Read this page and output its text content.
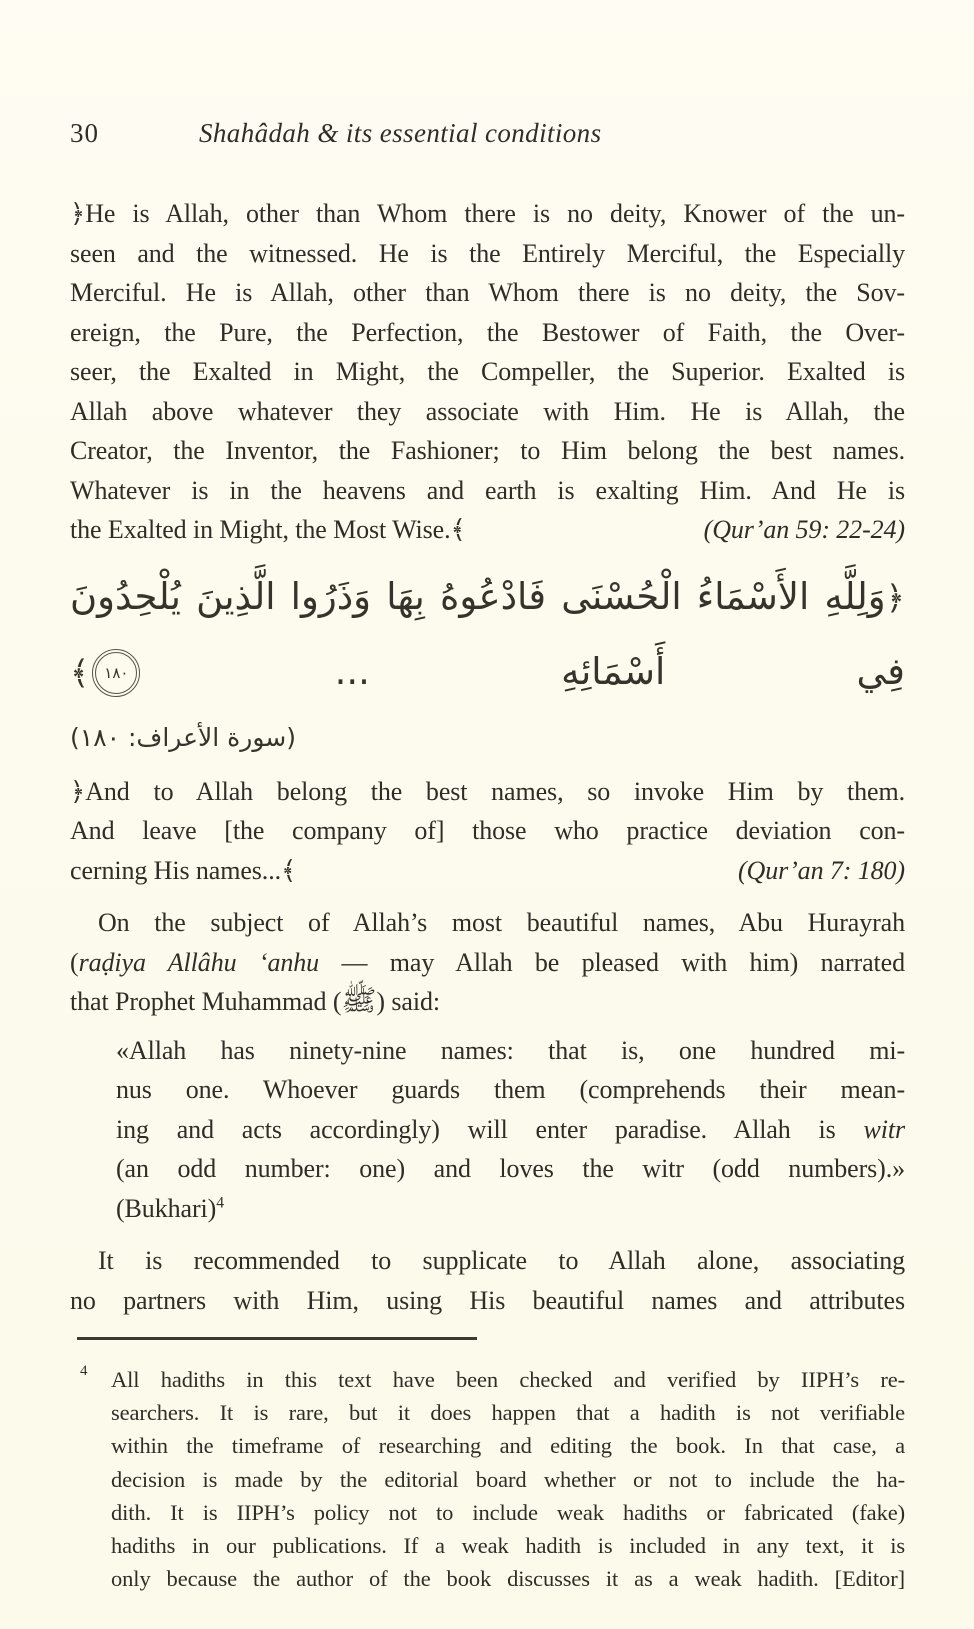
30	Shahâdah & its essential conditions
﴿He is Allah, other than Whom there is no deity, Knower of the un-
seen and the witnessed. He is the Entirely Merciful, the Especially
Merciful. He is Allah, other than Whom there is no deity, the Sov-
ereign, the Pure, the Perfection, the Bestower of Faith, the Over-
seer, the Exalted in Might, the Compeller, the Superior. Exalted is
Allah above whatever they associate with Him. He is Allah, the
Creator, the Inventor, the Fashioner; to Him belong the best names.
Whatever is in the heavens and earth is exalting Him. And He is
the Exalted in Might, the Most Wise.﴾	(Qur’an 59: 22-24)
﴿وَلِلَّهِ الأَسْمَاءُ الْحُسْنَى فَادْعُوهُ بِهَا وَذَرُوا الَّذِينَ يُلْحِدُونَ فِي أَسْمَائِهِ ... ١٨٠﴾
(سورة الأعراف: ١٨٠)
﴿And to Allah belong the best names, so invoke Him by them.
And leave [the company of] those who practice deviation con-
cerning His names...﴾	(Qur’an 7: 180)
On the subject of Allah’s most beautiful names, Abu Hurayrah
(raḍiya Allâhu ‘anhu — may Allah be pleased with him) narrated
that Prophet Muhammad (ﷺ) said:
«Allah has ninety-nine names: that is, one hundred mi-
nus one. Whoever guards them (comprehends their mean-
ing and acts accordingly) will enter paradise. Allah is witr
(an odd number: one) and loves the witr (odd numbers).»
(Bukhari)$^4$
It is recommended to supplicate to Allah alone, associating
no partners with Him, using His beautiful names and attributes
4 All hadiths in this text have been checked and verified by IIPH’s re-
searchers. It is rare, but it does happen that a hadith is not verifiable
within the timeframe of researching and editing the book. In that case, a
decision is made by the editorial board whether or not to include the ha-
dith. It is IIPH’s policy not to include weak hadiths or fabricated (fake)
hadiths in our publications. If a weak hadith is included in any text, it is
only because the author of the book discusses it as a weak hadith. [Editor]
